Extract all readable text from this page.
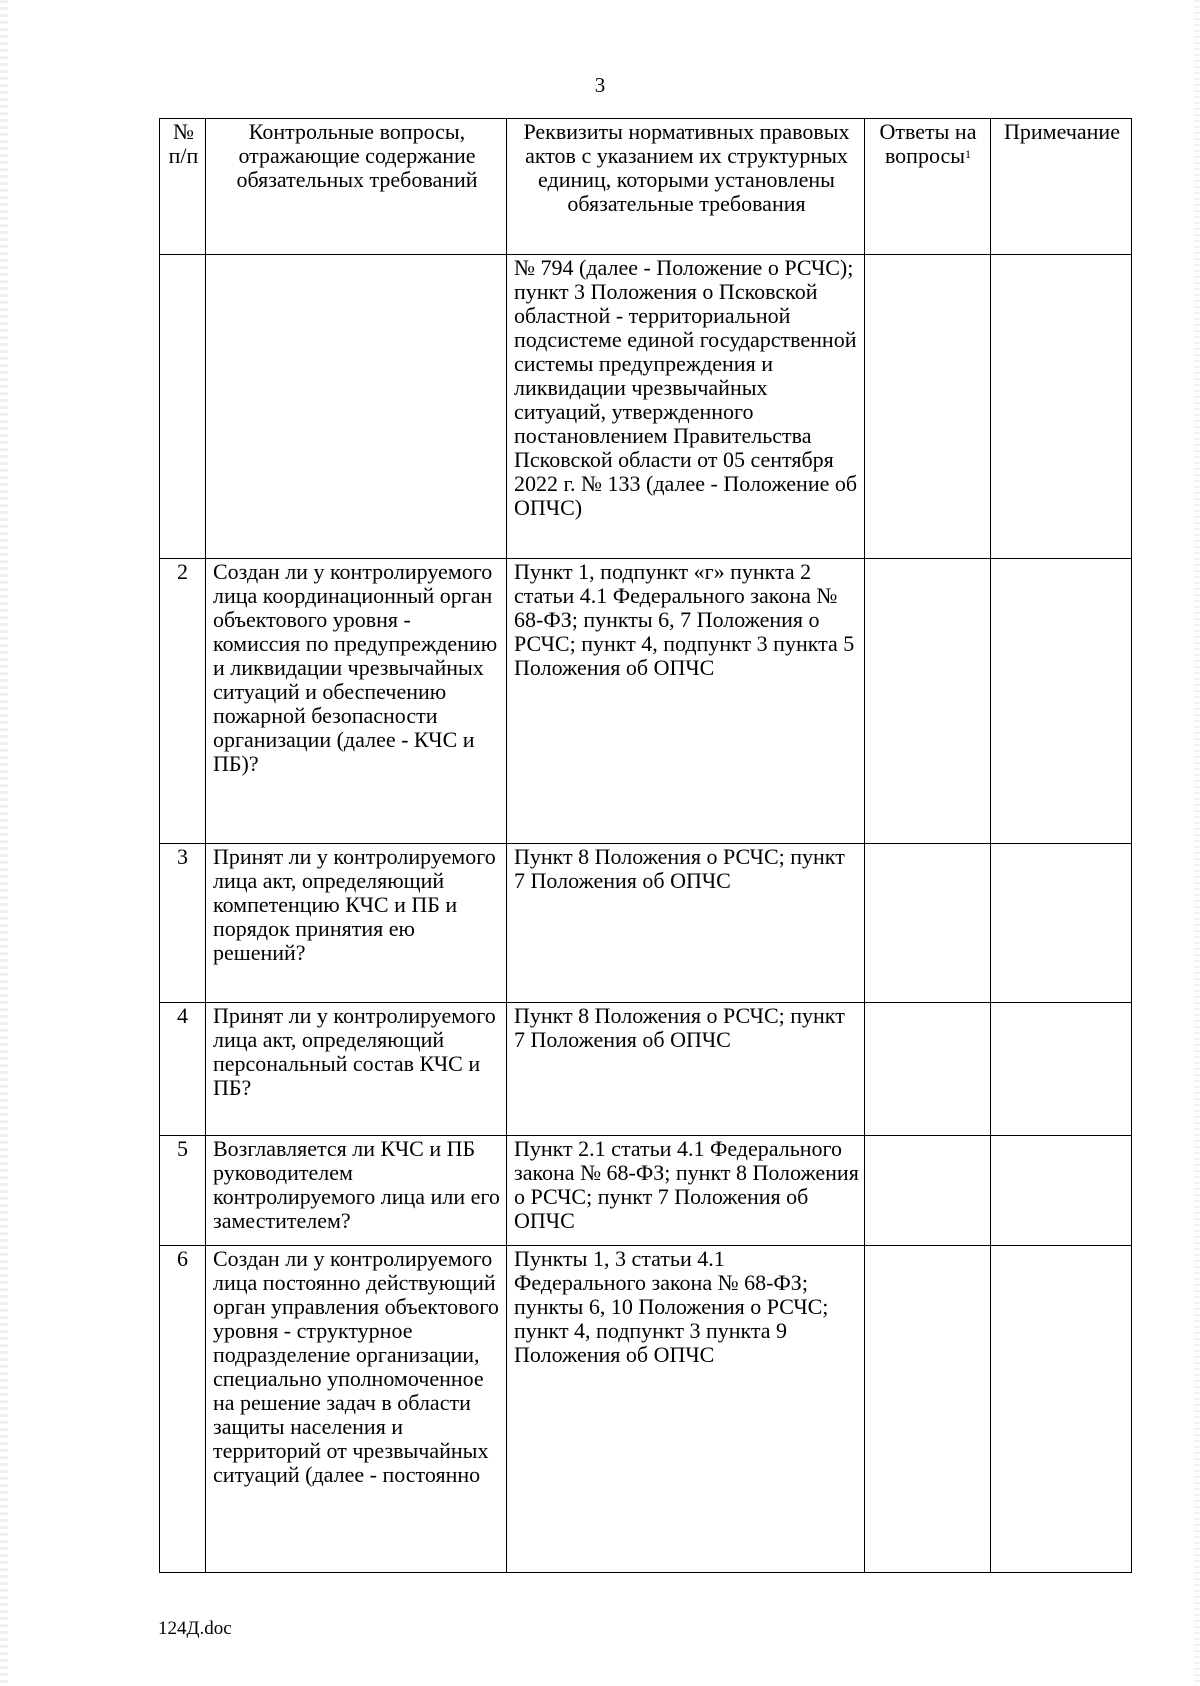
3
№ п/п	Контрольные вопросы, отражающие содержание обязательных требований	Реквизиты нормативных правовых актов с указанием их структурных единиц, которыми установлены обязательные требования	Ответы на вопросы$^1$	Примечание
		№ 794 (далее - Положение о РСЧС); пункт 3 Положения о Псковской областной - территориальной подсистеме единой государственной системы предупреждения и ликвидации чрезвычайных ситуаций, утвержденного постановлением Правительства Псковской области от 05 сентября 2022 г. № 133 (далее - Положение об ОПЧС)		
2	Создан ли у контролируемого лица координационный орган объектового уровня - комиссия по предупреждению и ликвидации чрезвычайных ситуаций и обеспечению пожарной безопасности организации (далее - КЧС и ПБ)?	Пункт 1, подпункт «г» пункта 2 статьи 4.1 Федерального закона № 68-ФЗ; пункты 6, 7 Положения о РСЧС; пункт 4, подпункт 3 пункта 5 Положения об ОПЧС		
3	Принят ли у контролируемого лица акт, определяющий компетенцию КЧС и ПБ и порядок принятия ею решений?	Пункт 8 Положения о РСЧС; пункт 7 Положения об ОПЧС		
4	Принят ли у контролируемого лица акт, определяющий персональный состав КЧС и ПБ?	Пункт 8 Положения о РСЧС; пункт 7 Положения об ОПЧС		
5	Возглавляется ли КЧС и ПБ руководителем контролируемого лица или его заместителем?	Пункт 2.1 статьи 4.1 Федерального закона № 68-ФЗ; пункт 8 Положения о РСЧС; пункт 7 Положения об ОПЧС		
6	Создан ли у контролируемого лица постоянно действующий орган управления объектового уровня - структурное подразделение организации, специально уполномоченное на решение задач в области защиты населения и территорий от чрезвычайных ситуаций (далее - постоянно	Пункты 1, 3 статьи 4.1 Федерального закона № 68-ФЗ; пункты 6, 10 Положения о РСЧС; пункт 4, подпункт 3 пункта 9 Положения об ОПЧС		
124Д.doc
